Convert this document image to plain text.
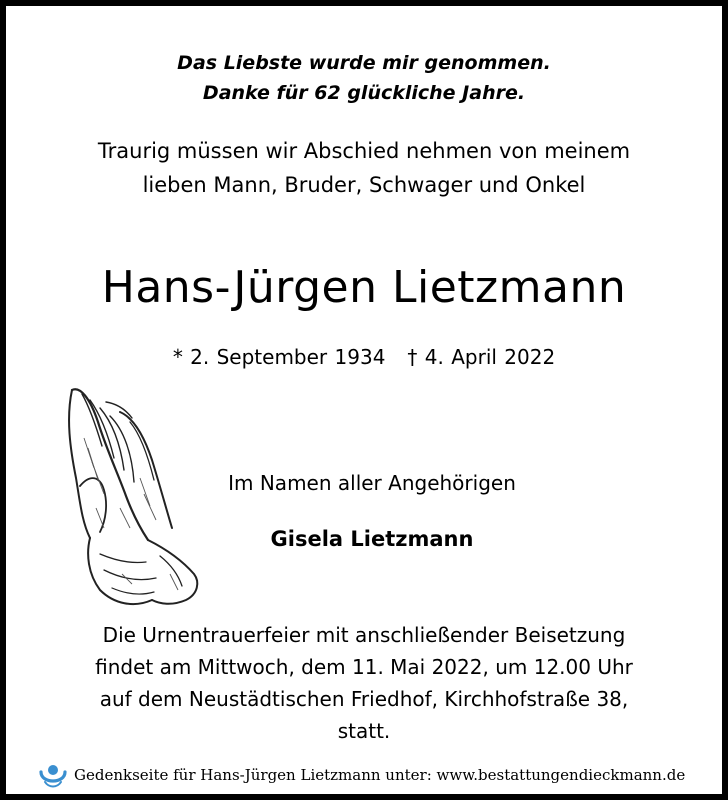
Das Liebste wurde mir genommen.
Danke für 62 glückliche Jahre.
Traurig müssen wir Abschied nehmen von meinem
lieben Mann, Bruder, Schwager und Onkel
Hans-Jürgen Lietzmann
* 2. September 1934 † 4. April 2022
Im Namen aller Angehörigen
Gisela Lietzmann
Die Urnentrauerfeier mit anschließender Beisetzung
findet am Mittwoch, dem 11. Mai 2022, um 12.00 Uhr
auf dem Neustädtischen Friedhof, Kirchhofstraße 38,
statt.
Gedenkseite für Hans-Jürgen Lietzmann unter: www.bestattungendieckmann.de
